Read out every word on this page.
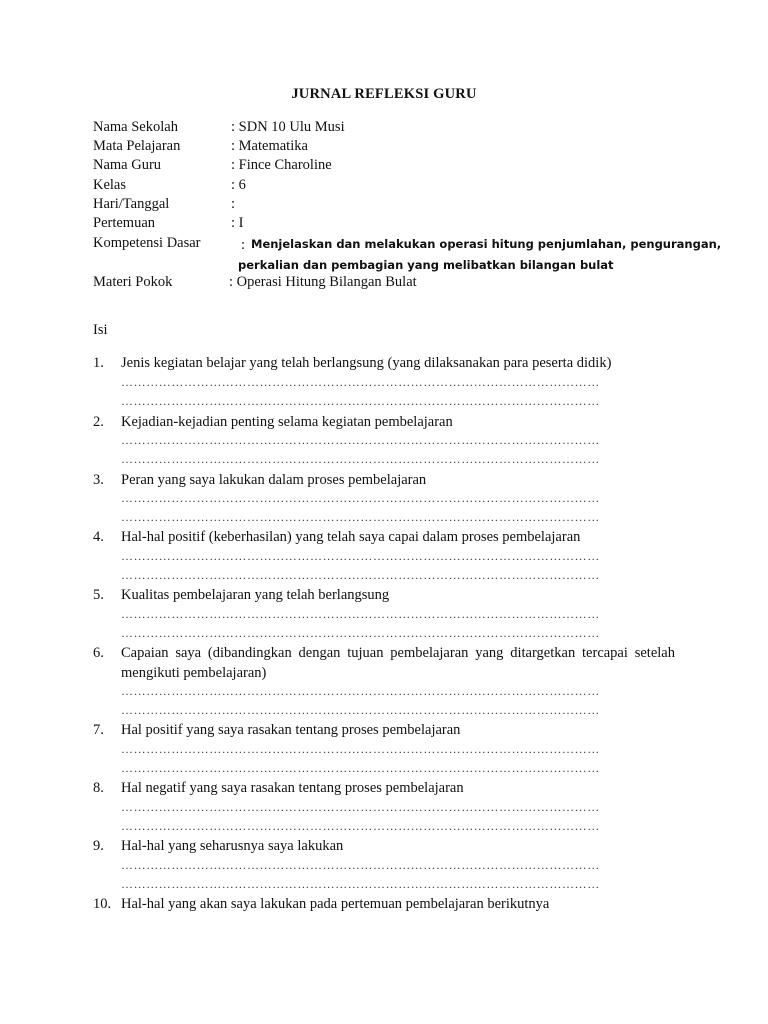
JURNAL REFLEKSI GURU
Nama Sekolah	: SDN 10 Ulu Musi
Mata Pelajaran	: Matematika
Nama Guru	: Fince Charoline
Kelas	: 6
Hari/Tanggal	:
Pertemuan	: I
Kompetensi Dasar	: Menjelaskan dan melakukan operasi hitung penjumlahan, pengurangan,
perkalian dan pembagian yang melibatkan bilangan bulat
Materi Pokok	: Operasi Hitung Bilangan Bulat
Isi
1. Jenis kegiatan belajar yang telah berlangsung (yang dilaksanakan para peserta didik)
……………………………………………………………………………………………………
……………………………………………………………………………………………………
2. Kejadian-kejadian penting selama kegiatan pembelajaran
……………………………………………………………………………………………………
……………………………………………………………………………………………………
3. Peran yang saya lakukan dalam proses pembelajaran
……………………………………………………………………………………………………
……………………………………………………………………………………………………
4. Hal-hal positif (keberhasilan) yang telah saya capai dalam proses pembelajaran
……………………………………………………………………………………………………
……………………………………………………………………………………………………
5. Kualitas pembelajaran yang telah berlangsung
……………………………………………………………………………………………………
……………………………………………………………………………………………………
6. Capaian saya (dibandingkan dengan tujuan pembelajaran yang ditargetkan tercapai setelah mengikuti pembelajaran)
……………………………………………………………………………………………………
……………………………………………………………………………………………………
7. Hal positif yang saya rasakan tentang proses pembelajaran
……………………………………………………………………………………………………
……………………………………………………………………………………………………
8. Hal negatif yang saya rasakan tentang proses pembelajaran
……………………………………………………………………………………………………
……………………………………………………………………………………………………
9. Hal-hal yang seharusnya saya lakukan
……………………………………………………………………………………………………
……………………………………………………………………………………………………
10. Hal-hal yang akan saya lakukan pada pertemuan pembelajaran berikutnya
